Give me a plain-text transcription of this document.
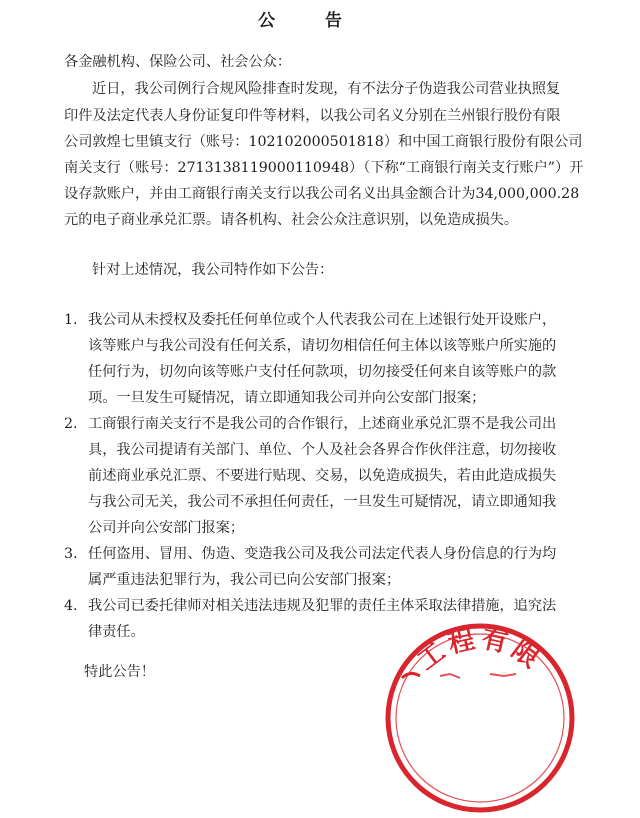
公 告
各金融机构、保险公司、社会公众：
近日，我公司例行合规风险排查时发现，有不法分子伪造我公司营业执照复
印件及法定代表人身份证复印件等材料，以我公司名义分别在兰州银行股份有限
公司敦煌七里镇支行（账号：102102000501818）和中国工商银行股份有限公司
南关支行（账号：2713138119000110948）（下称“工商银行南关支行账户”）开
设存款账户，并由工商银行南关支行以我公司名义出具金额合计为34,000,000.28
元的电子商业承兑汇票。请各机构、社会公众注意识别，以免造成损失。
针对上述情况，我公司特作如下公告：
1. 我公司从未授权及委托任何单位或个人代表我公司在上述银行处开设账户，
该等账户与我公司没有任何关系，请切勿相信任何主体以该等账户所实施的
任何行为，切勿向该等账户支付任何款项，切勿接受任何来自该等账户的款
项。一旦发生可疑情况，请立即通知我公司并向公安部门报案；
2. 工商银行南关支行不是我公司的合作银行，上述商业承兑汇票不是我公司出
具，我公司提请有关部门、单位、个人及社会各界合作伙伴注意，切勿接收
前述商业承兑汇票、不要进行贴现、交易，以免造成损失，若由此造成损失
与我公司无关，我公司不承担任何责任，一旦发生可疑情况，请立即通知我
公司并向公安部门报案；
3. 任何盗用、冒用、伪造、变造我公司及我公司法定代表人身份信息的行为均
属严重违法犯罪行为，我公司已向公安部门报案；
4. 我公司已委托律师对相关违法违规及犯罪的责任主体采取法律措施，追究法
律责任。
特此公告！	工程有限
